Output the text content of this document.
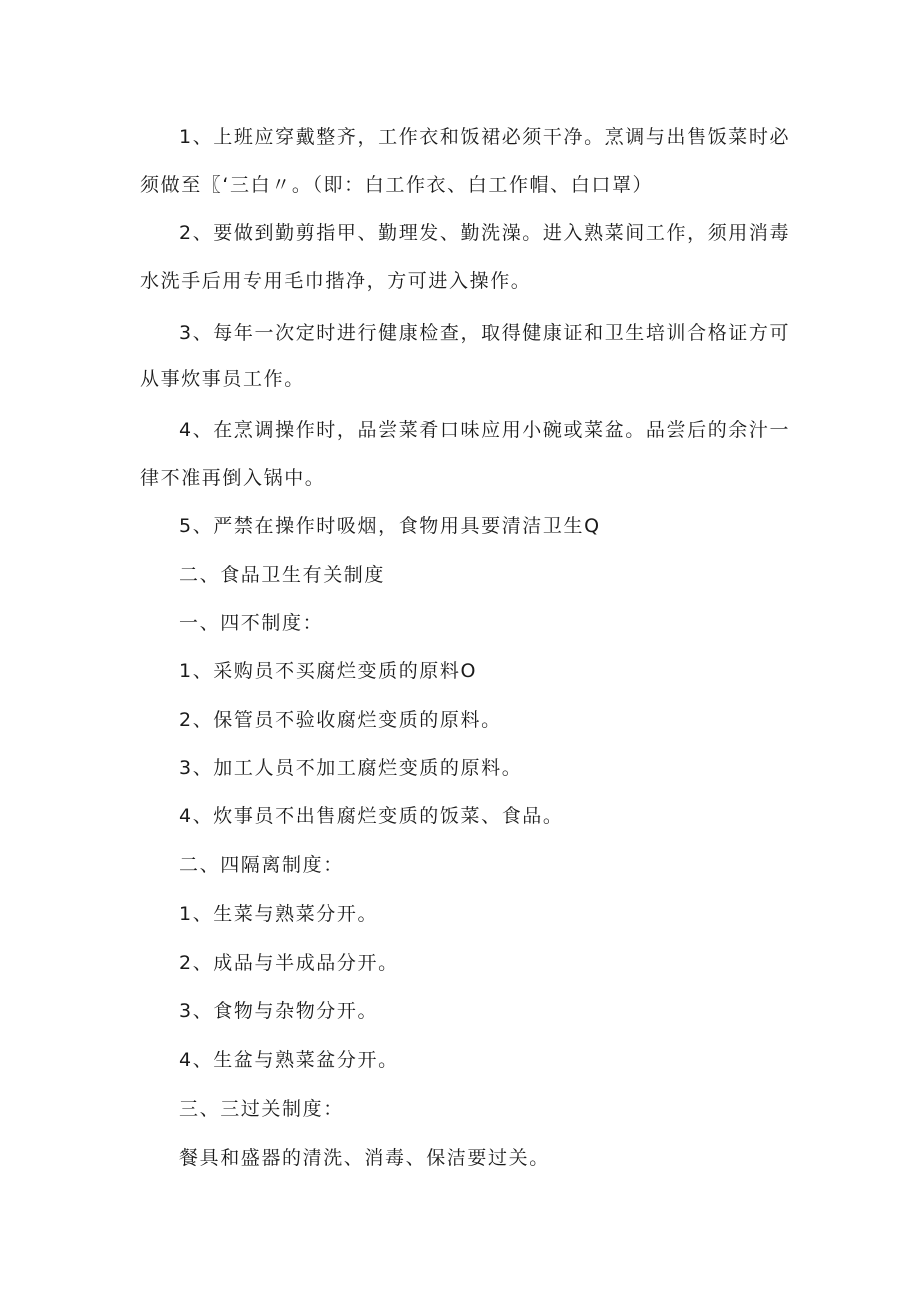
1、上班应穿戴整齐，工作衣和饭裙必须干净。烹调与出售饭菜时必
须做至〖‘三白〃。（即：白工作衣、白工作帽、白口罩）
2、要做到勤剪指甲、勤理发、勤洗澡。进入熟菜间工作，须用消毒
水洗手后用专用毛巾揩净，方可进入操作。
3、每年一次定时进行健康检查，取得健康证和卫生培训合格证方可
从事炊事员工作。
4、在烹调操作时，品尝菜肴口味应用小碗或菜盆。品尝后的余汁一
律不准再倒入锅中。
5、严禁在操作时吸烟，食物用具要清洁卫生Q
二、食品卫生有关制度
一、四不制度：
1、采购员不买腐烂变质的原料O
2、保管员不验收腐烂变质的原料。
3、加工人员不加工腐烂变质的原料。
4、炊事员不出售腐烂变质的饭菜、食品。
二、四隔离制度：
1、生菜与熟菜分开。
2、成品与半成品分开。
3、食物与杂物分开。
4、生盆与熟菜盆分开。
三、三过关制度：
餐具和盛器的清洗、消毒、保洁要过关。
